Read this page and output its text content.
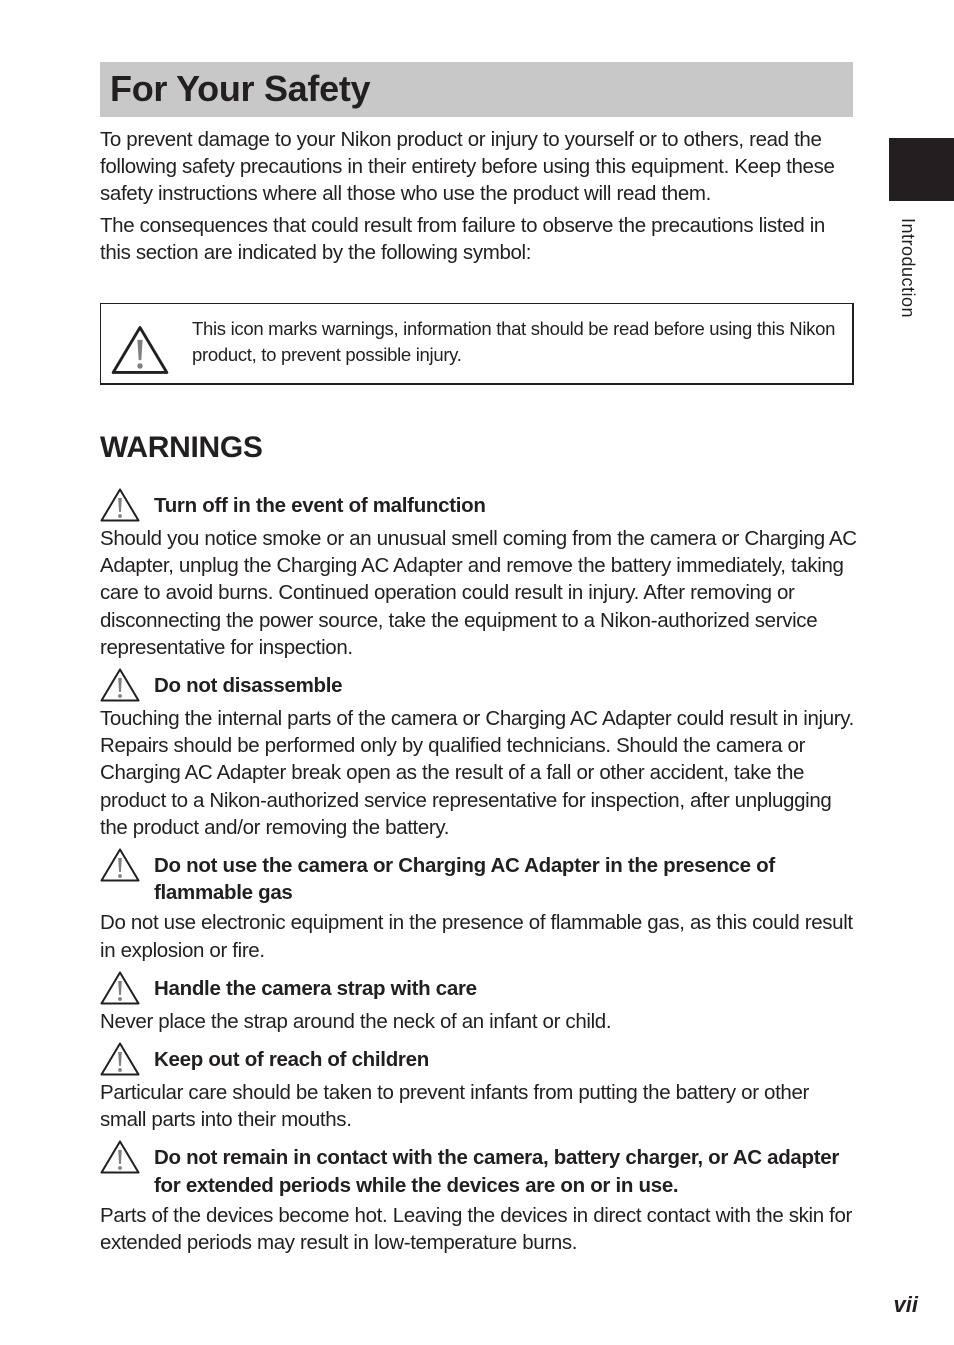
For Your Safety
Introduction

To prevent damage to your Nikon product or injury to yourself or to others, read the following safety precautions in their entirety before using this equipment. Keep these safety instructions where all those who use the product will read them.

The consequences that could result from failure to observe the precautions listed in this section are indicated by the following symbol:

This icon marks warnings, information that should be read before using this Nikon product, to prevent possible injury.
WARNINGS
Turn off in the event of malfunction

Should you notice smoke or an unusual smell coming from the camera or Charging AC Adapter, unplug the Charging AC Adapter and remove the battery immediately, taking care to avoid burns. Continued operation could result in injury. After removing or disconnecting the power source, take the equipment to a Nikon-authorized service representative for inspection.

Do not disassemble

Touching the internal parts of the camera or Charging AC Adapter could result in injury. Repairs should be performed only by qualified technicians. Should the camera or Charging AC Adapter break open as the result of a fall or other accident, take the product to a Nikon-authorized service representative for inspection, after unplugging the product and/or removing the battery.

Do not use the camera or Charging AC Adapter in the presence of flammable gas

Do not use electronic equipment in the presence of flammable gas, as this could result in explosion or fire.

Handle the camera strap with care

Never place the strap around the neck of an infant or child.

Keep out of reach of children

Particular care should be taken to prevent infants from putting the battery or other small parts into their mouths.

Do not remain in contact with the camera, battery charger, or AC adapter for extended periods while the devices are on or in use.

Parts of the devices become hot. Leaving the devices in direct contact with the skin for extended periods may result in low-temperature burns.

vii
